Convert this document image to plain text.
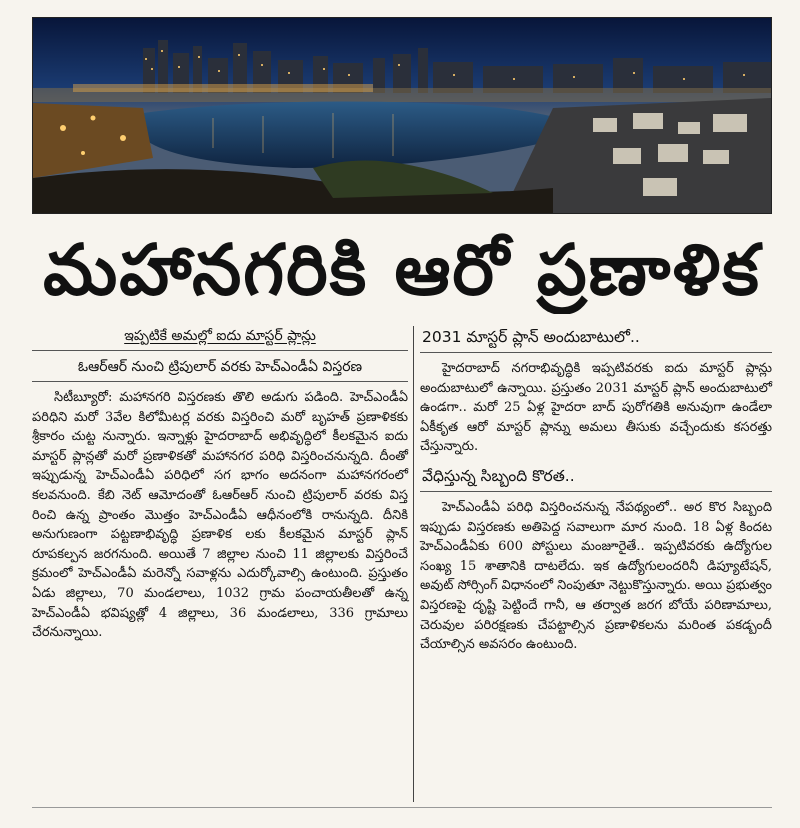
మహానగరికి ఆరో ప్రణాళిక
ఇప్పటికే అమల్లో ఐదు మాస్టర్ ప్లాన్లు
ఓఆర్ఆర్ నుంచి ట్రిపులార్ వరకు హెచ్ఎండీఏ విస్తరణ

సిటీబ్యూరో: మహానగరి విస్తరణకు తొలి అడుగు పడింది. హెచ్ఎండీఏ పరిధిని మరో 3వేల కిలోమీటర్ల వరకు విస్తరించి మరో బృహత్ ప్రణాళికకు శ్రీకారం చుట్ట నున్నారు. ఇన్నాళ్లు హైదరాబాద్ అభివృద్ధిలో కీలకమైన ఐదు మాస్టర్ ప్లాన్లతో మరో ప్రణాళికతో మహానగర పరిధి విస్తరించనున్నది. దీంతో ఇప్పుడున్న హెచ్ఎండీఏ పరిధిలో సగ భాగం అదనంగా మహానగరంలో కలవనుంది. కేబి నెట్ ఆమోదంతో ఓఆర్ఆర్ నుంచి ట్రిపులార్ వరకు విస్త రించి ఉన్న ప్రాంతం మొత్తం హెచ్ఎండీఏ ఆధీనంలోకి రానున్నది. దీనికి అనుగుణంగా పట్టణాభివృద్ధి ప్రణాళిక లకు కీలకమైన మాస్టర్ ప్లాన్ రూపకల్పన జరగనుంది. అయితే 7 జిల్లాల నుంచి 11 జిల్లాలకు విస్తరించే క్రమంలో హెచ్ఎండీఏ మరెన్నో సవాళ్లను ఎదుర్కోవాల్సి ఉంటుంది. ప్రస్తుతం ఏడు జిల్లాలు, 70 మండలాలు, 1032 గ్రామ పంచాయతీలతో ఉన్న హెచ్ఎండీఏ భవిష్యత్లో 4 జిల్లాలు, 36 మండలాలు, 336 గ్రామాలు చేరనున్నాయి.

2031 మాస్టర్ ప్లాన్ అందుబాటులో..

హైదరాబాద్ నగరాభివృద్ధికి ఇప్పటివరకు ఐదు మాస్టర్ ప్లాన్లు అందుబాటులో ఉన్నాయి. ప్రస్తుతం 2031 మాస్టర్ ప్లాన్ అందుబాటులో ఉండగా.. మరో 25 ఏళ్ల హైదరా బాద్ పురోగతికి అనువుగా ఉండేలా ఏకీకృత ఆరో మాస్టర్ ప్లాన్ను అమలు తీసుకు వచ్చేందుకు కసరత్తు చేస్తున్నారు.

వేధిస్తున్న సిబ్బంది కొరత..

హెచ్ఎండీఏ పరిధి విస్తరించనున్న నేపథ్యంలో.. అర కొర సిబ్బంది ఇప్పుడు విస్తరణకు అతిపెద్ద సవాలుగా మార నుంది. 18 ఏళ్ల కిందట హెచ్ఎండీఏకు 600 పోస్టులు మంజూరైతే.. ఇప్పటివరకు ఉద్యోగుల సంఖ్య 15 శాతానికి దాటలేదు. ఇక ఉద్యోగులందరినీ డిప్యూటేషన్, అవుట్ సోర్సింగ్ విధానంలో నింపుతూ నెట్టుకొస్తున్నారు. అయి ప్రభుత్వం విస్తరణపై దృష్టి పెట్టిందే గానీ, ఆ తర్వాత జరగ బోయే పరిణామాలు, చెరువుల పరిరక్షణకు చేపట్టాల్సిన ప్రణాళికలను మరింత పకడ్బందీ చేయాల్సిన అవసరం ఉంటుంది.
